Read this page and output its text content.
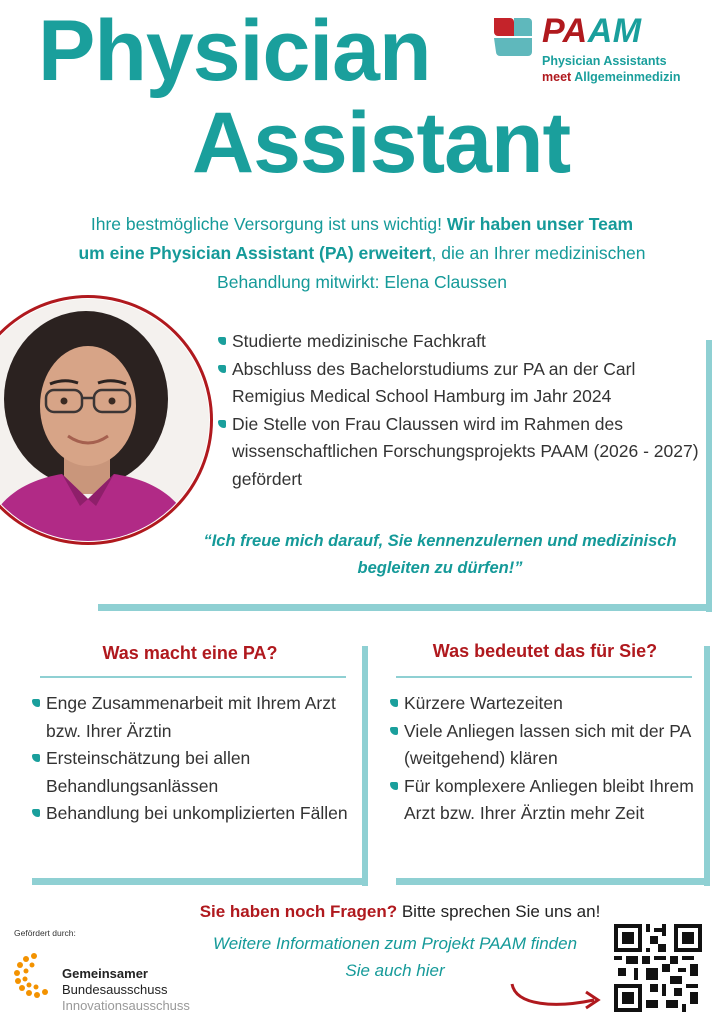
Physician
Assistant
PAAM
Physician Assistants
meet Allgemeinmedizin
Ihre bestmögliche Versorgung ist uns wichtig! Wir haben unser Team
um eine Physician Assistant (PA) erweitert, die an Ihrer medizinischen
Behandlung mitwirkt: Elena Claussen
Studierte medizinische Fachkraft
Abschluss des Bachelorstudiums zur PA an der Carl Remigius Medical School Hamburg im Jahr 2024
Die Stelle von Frau Claussen wird im Rahmen des wissenschaftlichen Forschungsprojekts PAAM (2026 - 2027) gefördert
“Ich freue mich darauf, Sie kennenzulernen und medizinisch begleiten zu dürfen!”
Was macht eine PA?
Enge Zusammenarbeit mit Ihrem Arzt bzw. Ihrer Ärztin
Ersteinschätzung bei allen Behandlungsanlässen
Behandlung bei unkomplizierten Fällen
Was bedeutet das für Sie?
Kürzere Wartezeiten
Viele Anliegen lassen sich mit der PA (weitgehend) klären
Für komplexere Anliegen bleibt Ihrem Arzt bzw. Ihrer Ärztin mehr Zeit
Sie haben noch Fragen? Bitte sprechen Sie uns an!
Weitere Informationen zum Projekt PAAM finden Sie auch hier
Gefördert durch:
Gemeinsamer
Bundesausschuss
Innovationsausschuss
